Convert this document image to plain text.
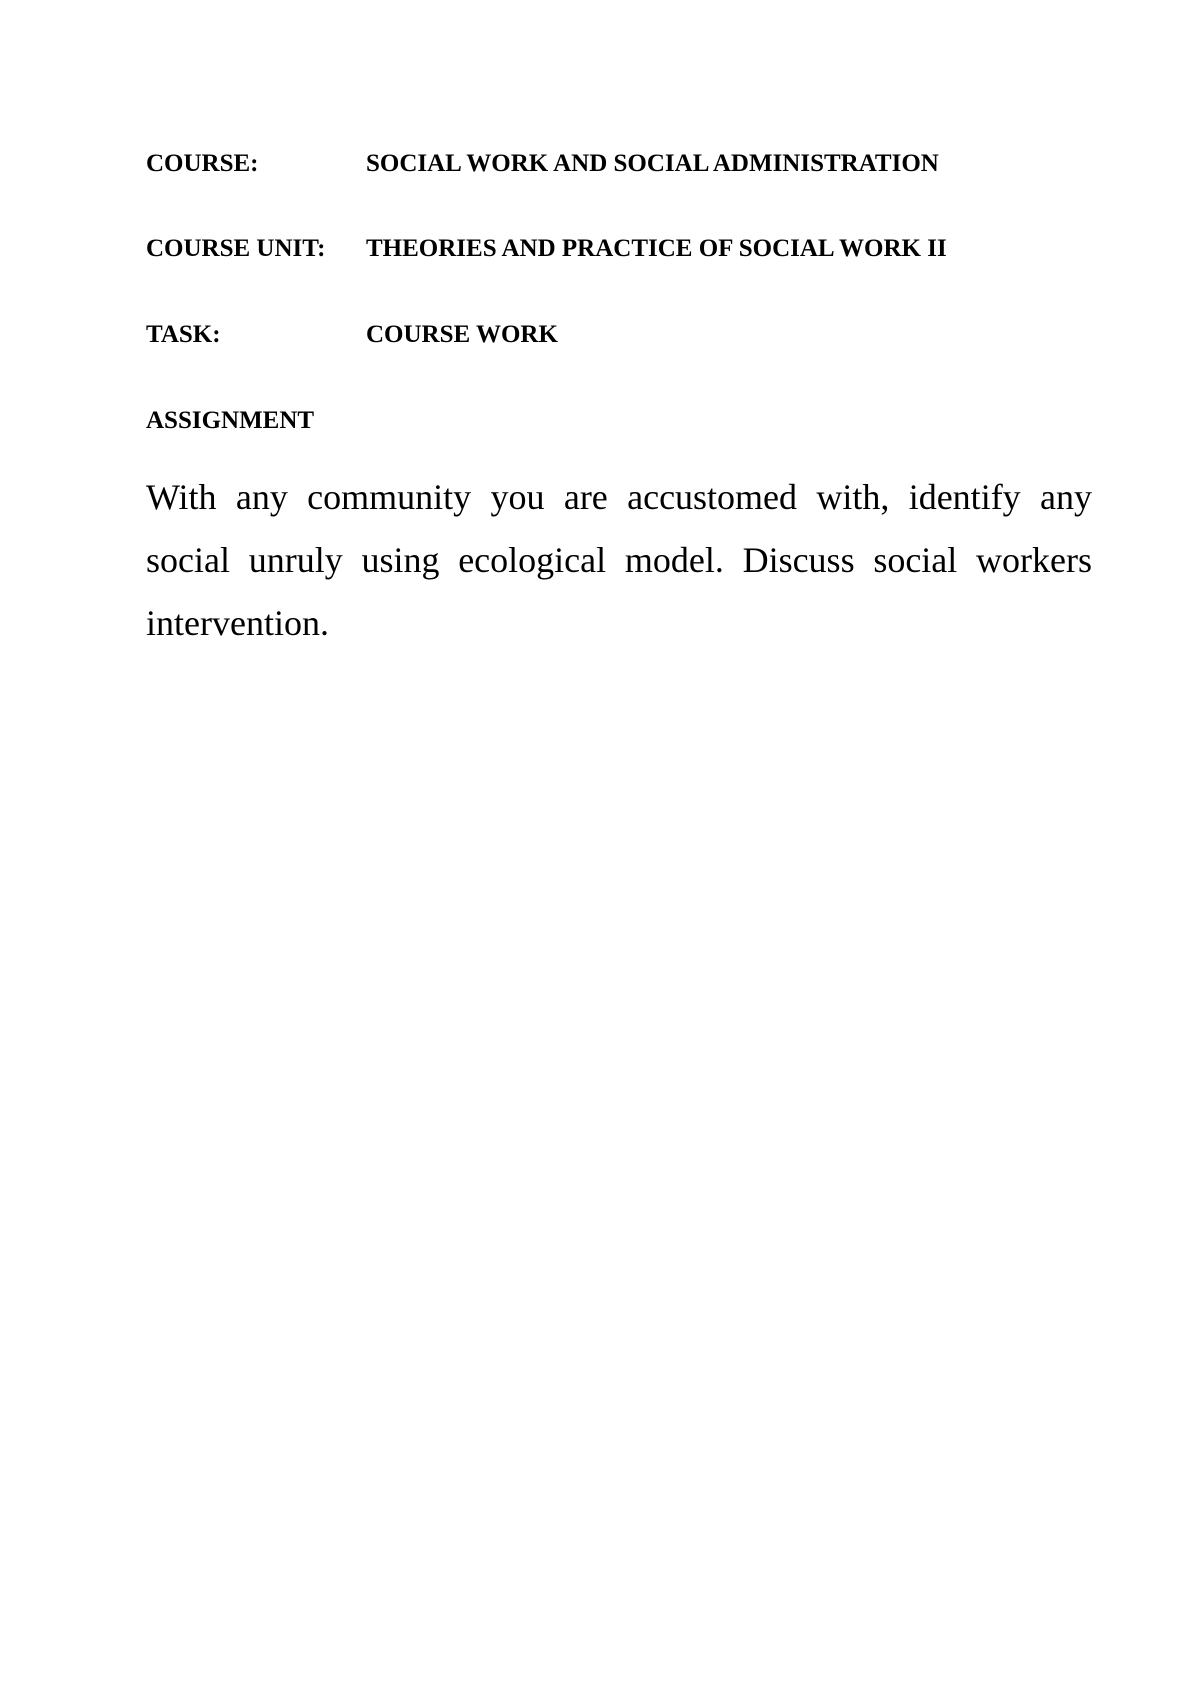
COURSE:	SOCIAL WORK AND SOCIAL ADMINISTRATION
COURSE UNIT: THEORIES AND PRACTICE OF SOCIAL WORK II
TASK:	COURSE WORK
ASSIGNMENT

With any community you are accustomed with, identify any social unruly using ecological model. Discuss social workers intervention.
